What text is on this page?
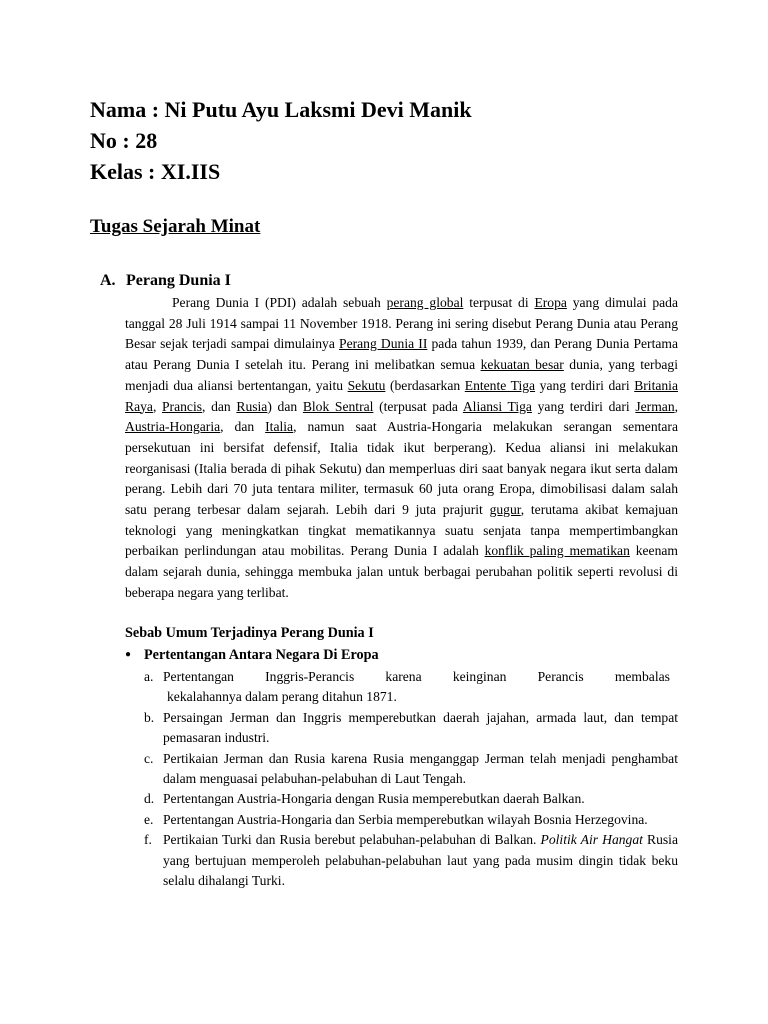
Nama : Ni Putu Ayu Laksmi Devi Manik
No : 28
Kelas : XI.IIS
Tugas Sejarah Minat
A. Perang Dunia I

Perang Dunia I (PDI) adalah sebuah perang global terpusat di Eropa yang dimulai pada tanggal 28 Juli 1914 sampai 11 November 1918. Perang ini sering disebut Perang Dunia atau Perang Besar sejak terjadi sampai dimulainya Perang Dunia II pada tahun 1939, dan Perang Dunia Pertama atau Perang Dunia I setelah itu. Perang ini melibatkan semua kekuatan besar dunia, yang terbagi menjadi dua aliansi bertentangan, yaitu Sekutu (berdasarkan Entente Tiga yang terdiri dari Britania Raya, Prancis, dan Rusia) dan Blok Sentral (terpusat pada Aliansi Tiga yang terdiri dari Jerman, Austria-Hongaria, dan Italia, namun saat Austria-Hongaria melakukan serangan sementara persekutuan ini bersifat defensif, Italia tidak ikut berperang). Kedua aliansi ini melakukan reorganisasi (Italia berada di pihak Sekutu) dan memperluas diri saat banyak negara ikut serta dalam perang. Lebih dari 70 juta tentara militer, termasuk 60 juta orang Eropa, dimobilisasi dalam salah satu perang terbesar dalam sejarah. Lebih dari 9 juta prajurit gugur, terutama akibat kemajuan teknologi yang meningkatkan tingkat mematikannya suatu senjata tanpa mempertimbangkan perbaikan perlindungan atau mobilitas. Perang Dunia I adalah konflik paling mematikan keenam dalam sejarah dunia, sehingga membuka jalan untuk berbagai perubahan politik seperti revolusi di beberapa negara yang terlibat.

Sebab Umum Terjadinya Perang Dunia I
● Pertentangan Antara Negara Di Eropa
a. Pertentangan Inggris-Perancis karena keinginan Perancis membalas
kekalahannya dalam perang ditahun 1871.
b. Persaingan Jerman dan Inggris memperebutkan daerah jajahan, armada laut, dan tempat pemasaran industri.
c. Pertikaian Jerman dan Rusia karena Rusia menganggap Jerman telah menjadi penghambat dalam menguasai pelabuhan-pelabuhan di Laut Tengah.
d. Pertentangan Austria-Hongaria dengan Rusia memperebutkan daerah Balkan.
e. Pertentangan Austria-Hongaria dan Serbia memperebutkan wilayah Bosnia Herzegovina.
f. Pertikaian Turki dan Rusia berebut pelabuhan-pelabuhan di Balkan. Politik Air Hangat Rusia yang bertujuan memperoleh pelabuhan-pelabuhan laut yang pada musim dingin tidak beku selalu dihalangi Turki.
